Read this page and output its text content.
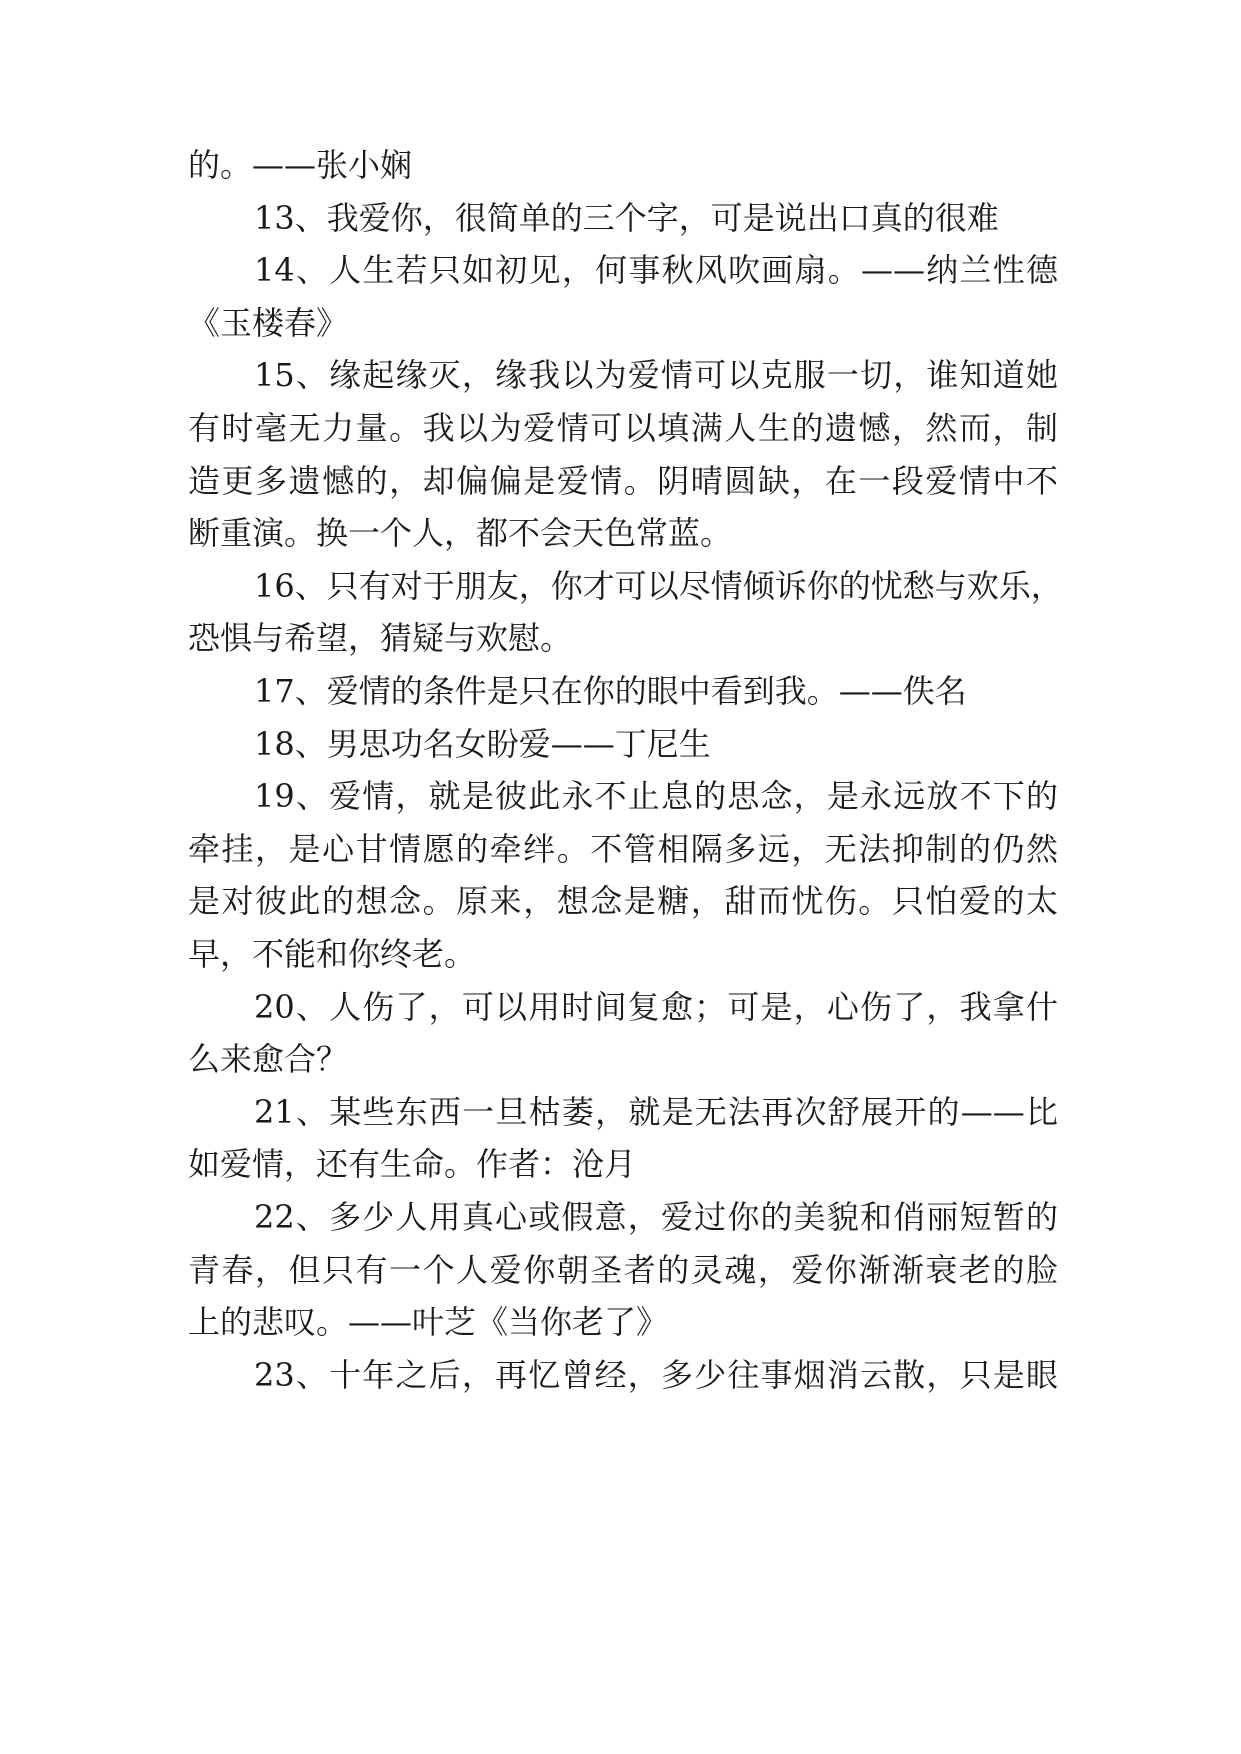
的。——张小娴
13、我爱你，很简单的三个字，可是说出口真的很难
14、人生若只如初见，何事秋风吹画扇。——纳兰性德
《玉楼春》
15、缘起缘灭，缘我以为爱情可以克服一切，谁知道她
有时毫无力量。我以为爱情可以填满人生的遗憾，然而，制
造更多遗憾的，却偏偏是爱情。阴晴圆缺，在一段爱情中不
断重演。换一个人，都不会天色常蓝。
16、只有对于朋友，你才可以尽情倾诉你的忧愁与欢乐，
恐惧与希望，猜疑与欢慰。
17、爱情的条件是只在你的眼中看到我。——佚名
18、男思功名女盼爱——丁尼生
19、爱情，就是彼此永不止息的思念，是永远放不下的
牵挂，是心甘情愿的牵绊。不管相隔多远，无法抑制的仍然
是对彼此的想念。原来，想念是糖，甜而忧伤。只怕爱的太
早，不能和你终老。
20、人伤了，可以用时间复愈；可是，心伤了，我拿什
么来愈合？
21、某些东西一旦枯萎，就是无法再次舒展开的——比
如爱情，还有生命。作者：沧月
22、多少人用真心或假意，爱过你的美貌和俏丽短暂的
青春，但只有一个人爱你朝圣者的灵魂，爱你渐渐衰老的脸
上的悲叹。——叶芝《当你老了》
23、十年之后，再忆曾经，多少往事烟消云散，只是眼
